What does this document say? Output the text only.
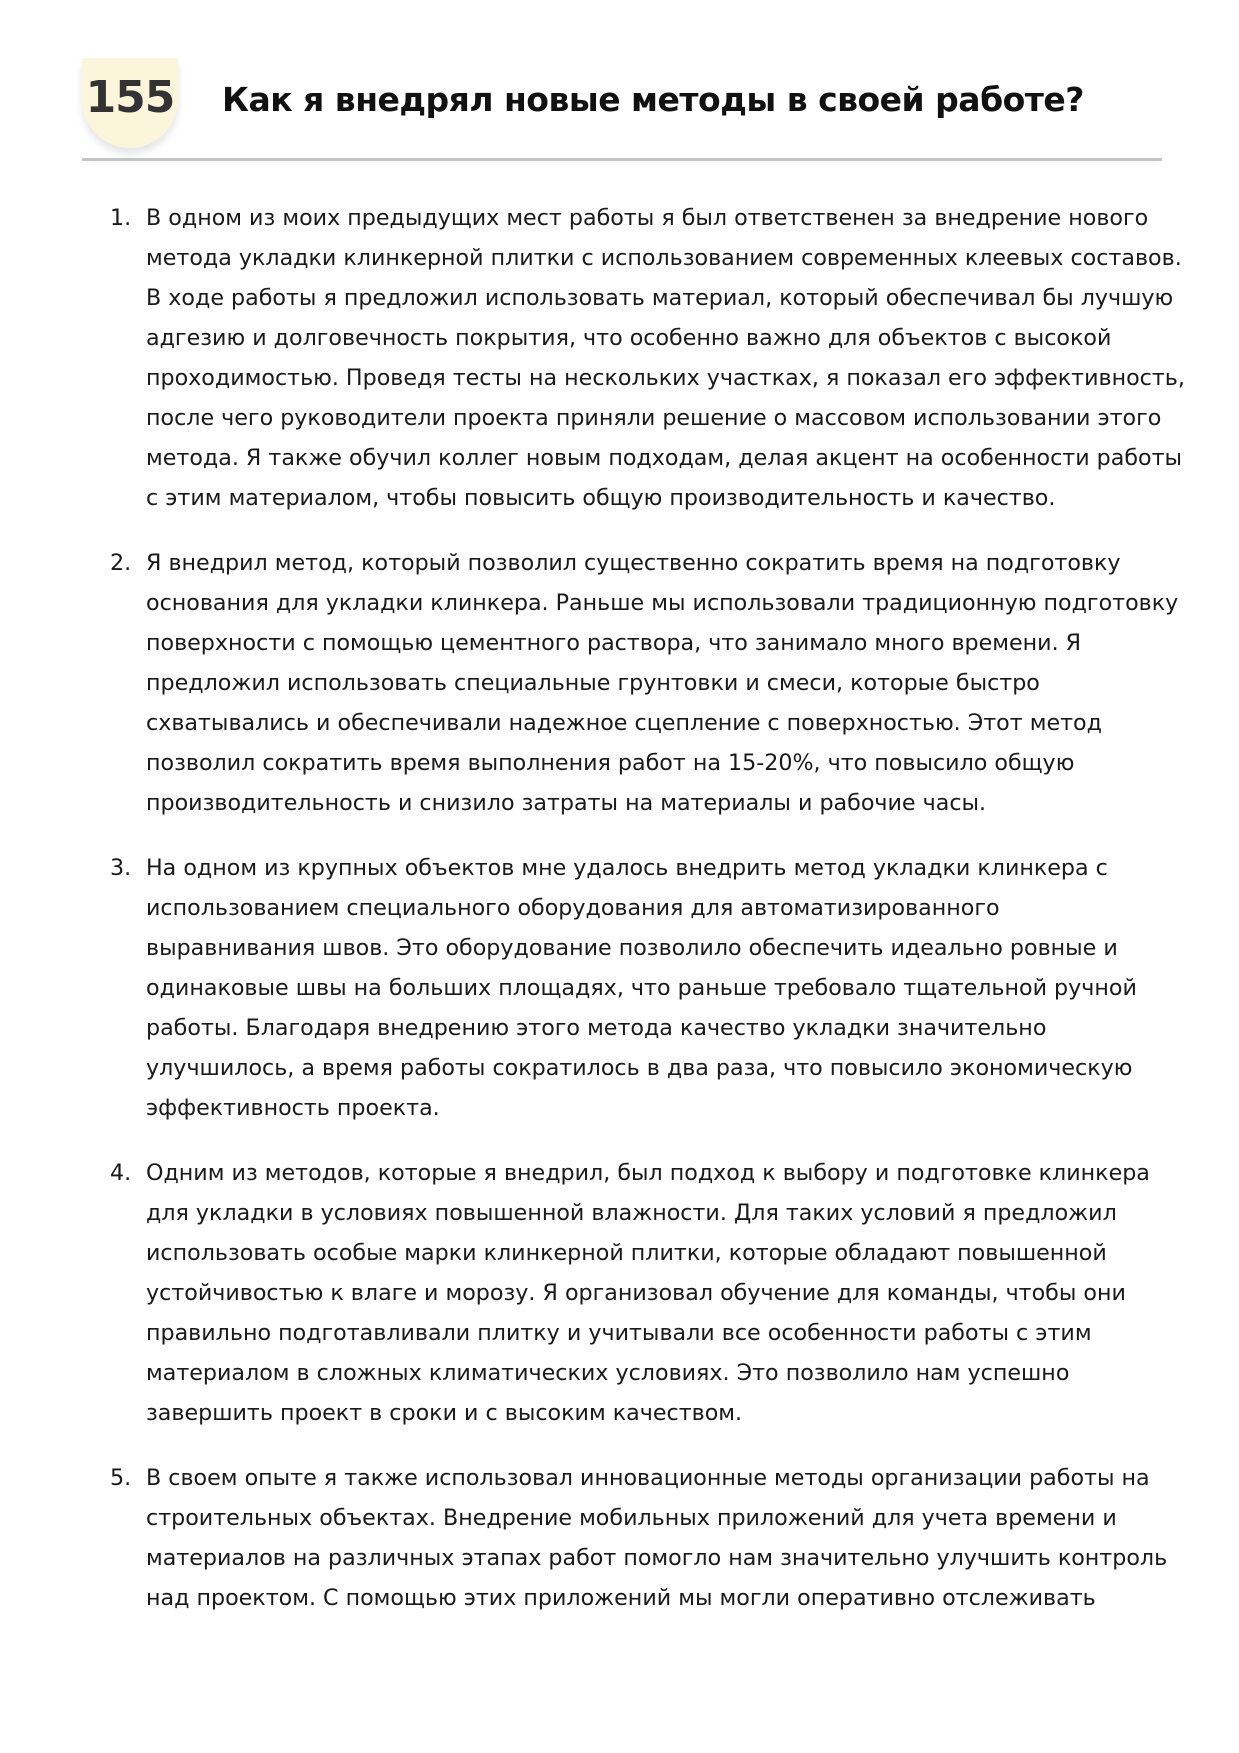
155 Как я внедрял новые методы в своей работе?
1. В одном из моих предыдущих мест работы я был ответственен за внедрение нового
метода укладки клинкерной плитки с использованием современных клеевых составов.
В ходе работы я предложил использовать материал, который обеспечивал бы лучшую
адгезию и долговечность покрытия, что особенно важно для объектов с высокой
проходимостью. Проведя тесты на нескольких участках, я показал его эффективность,
после чего руководители проекта приняли решение о массовом использовании этого
метода. Я также обучил коллег новым подходам, делая акцент на особенности работы
с этим материалом, чтобы повысить общую производительность и качество.
2. Я внедрил метод, который позволил существенно сократить время на подготовку
основания для укладки клинкера. Раньше мы использовали традиционную подготовку
поверхности с помощью цементного раствора, что занимало много времени. Я
предложил использовать специальные грунтовки и смеси, которые быстро
схватывались и обеспечивали надежное сцепление с поверхностью. Этот метод
позволил сократить время выполнения работ на 15-20%, что повысило общую
производительность и снизило затраты на материалы и рабочие часы.
3. На одном из крупных объектов мне удалось внедрить метод укладки клинкера с
использованием специального оборудования для автоматизированного
выравнивания швов. Это оборудование позволило обеспечить идеально ровные и
одинаковые швы на больших площадях, что раньше требовало тщательной ручной
работы. Благодаря внедрению этого метода качество укладки значительно
улучшилось, а время работы сократилось в два раза, что повысило экономическую
эффективность проекта.
4. Одним из методов, которые я внедрил, был подход к выбору и подготовке клинкера
для укладки в условиях повышенной влажности. Для таких условий я предложил
использовать особые марки клинкерной плитки, которые обладают повышенной
устойчивостью к влаге и морозу. Я организовал обучение для команды, чтобы они
правильно подготавливали плитку и учитывали все особенности работы с этим
материалом в сложных климатических условиях. Это позволило нам успешно
завершить проект в сроки и с высоким качеством.
5. В своем опыте я также использовал инновационные методы организации работы на
строительных объектах. Внедрение мобильных приложений для учета времени и
материалов на различных этапах работ помогло нам значительно улучшить контроль
над проектом. С помощью этих приложений мы могли оперативно отслеживать
